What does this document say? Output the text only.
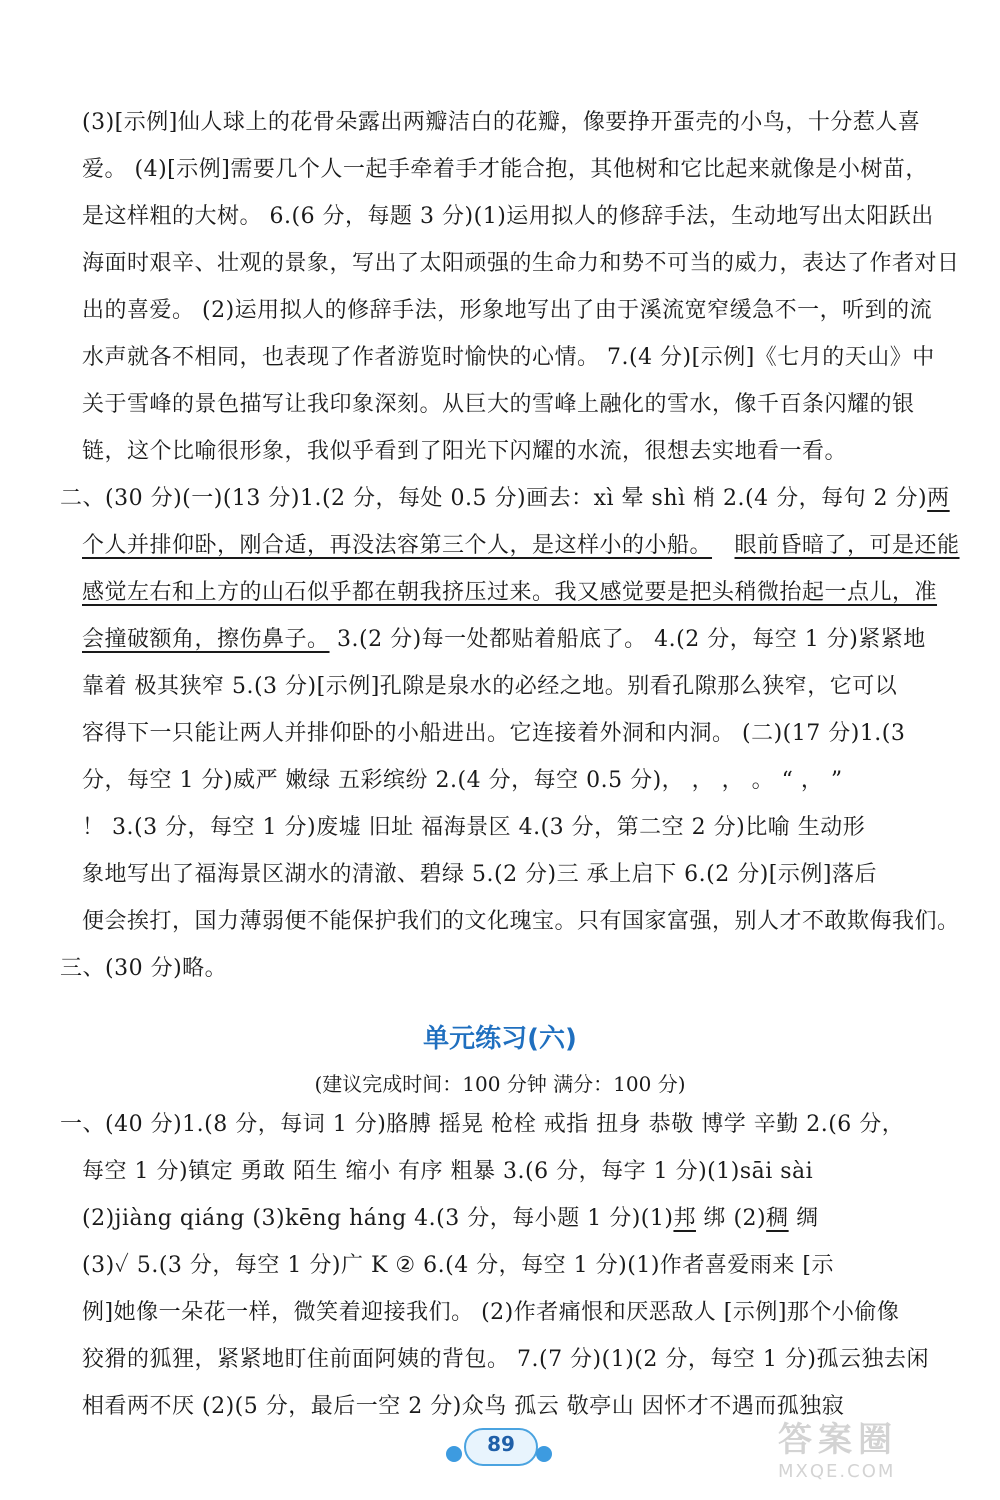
(3)[示例]仙人球上的花骨朵露出两瓣洁白的花瓣，像要挣开蛋壳的小鸟，十分惹人喜
爱。 (4)[示例]需要几个人一起手牵着手才能合抱，其他树和它比起来就像是小树苗，
是这样粗的大树。 6.(6 分，每题 3 分)(1)运用拟人的修辞手法，生动地写出太阳跃出
海面时艰辛、壮观的景象，写出了太阳顽强的生命力和势不可当的威力，表达了作者对日
出的喜爱。 (2)运用拟人的修辞手法，形象地写出了由于溪流宽窄缓急不一，听到的流
水声就各不相同，也表现了作者游览时愉快的心情。 7.(4 分)[示例]《七月的天山》中
关于雪峰的景色描写让我印象深刻。从巨大的雪峰上融化的雪水，像千百条闪耀的银
链，这个比喻很形象，我似乎看到了阳光下闪耀的水流，很想去实地看一看。
二、(30 分)(一)(13 分)1.(2 分，每处 0.5 分)画去：xì 晕 shì 梢 2.(4 分，每句 2 分)两
个人并排仰卧，刚合适，再没法容第三个人，是这样小的小船。 眼前昏暗了，可是还能
感觉左右和上方的山石似乎都在朝我挤压过来。我又感觉要是把头稍微抬起一点儿，准
会撞破额角，擦伤鼻子。 3.(2 分)每一处都贴着船底了。 4.(2 分，每空 1 分)紧紧地
靠着 极其狭窄 5.(3 分)[示例]孔隙是泉水的必经之地。别看孔隙那么狭窄，它可以
容得下一只能让两人并排仰卧的小船进出。它连接着外洞和内洞。 (二)(17 分)1.(3
分，每空 1 分)威严 嫩绿 五彩缤纷 2.(4 分，每空 0.5 分)， ， ， 。 “ ， ”
！ 3.(3 分，每空 1 分)废墟 旧址 福海景区 4.(3 分，第二空 2 分)比喻 生动形
象地写出了福海景区湖水的清澈、碧绿 5.(2 分)三 承上启下 6.(2 分)[示例]落后
便会挨打，国力薄弱便不能保护我们的文化瑰宝。只有国家富强，别人才不敢欺侮我们。
三、(30 分)略。
单元练习(六)
(建议完成时间：100 分钟 满分：100 分)
一、(40 分)1.(8 分，每词 1 分)胳膊 摇晃 枪栓 戒指 扭身 恭敬 博学 辛勤 2.(6 分，
每空 1 分)镇定 勇敢 陌生 缩小 有序 粗暴 3.(6 分，每字 1 分)(1)sāi sài
(2)jiàng qiáng (3)kēng háng 4.(3 分，每小题 1 分)(1)邦 绑 (2)稠 绸
(3)✓ 5.(3 分，每空 1 分)广 K ② 6.(4 分，每空 1 分)(1)作者喜爱雨来 [示
例]她像一朵花一样，微笑着迎接我们。 (2)作者痛恨和厌恶敌人 [示例]那个小偷像
狡猾的狐狸，紧紧地盯住前面阿姨的背包。 7.(7 分)(1)(2 分，每空 1 分)孤云独去闲
相看两不厌 (2)(5 分，最后一空 2 分)众鸟 孤云 敬亭山 因怀才不遇而孤独寂
89	答案圈
MXQE.COM
